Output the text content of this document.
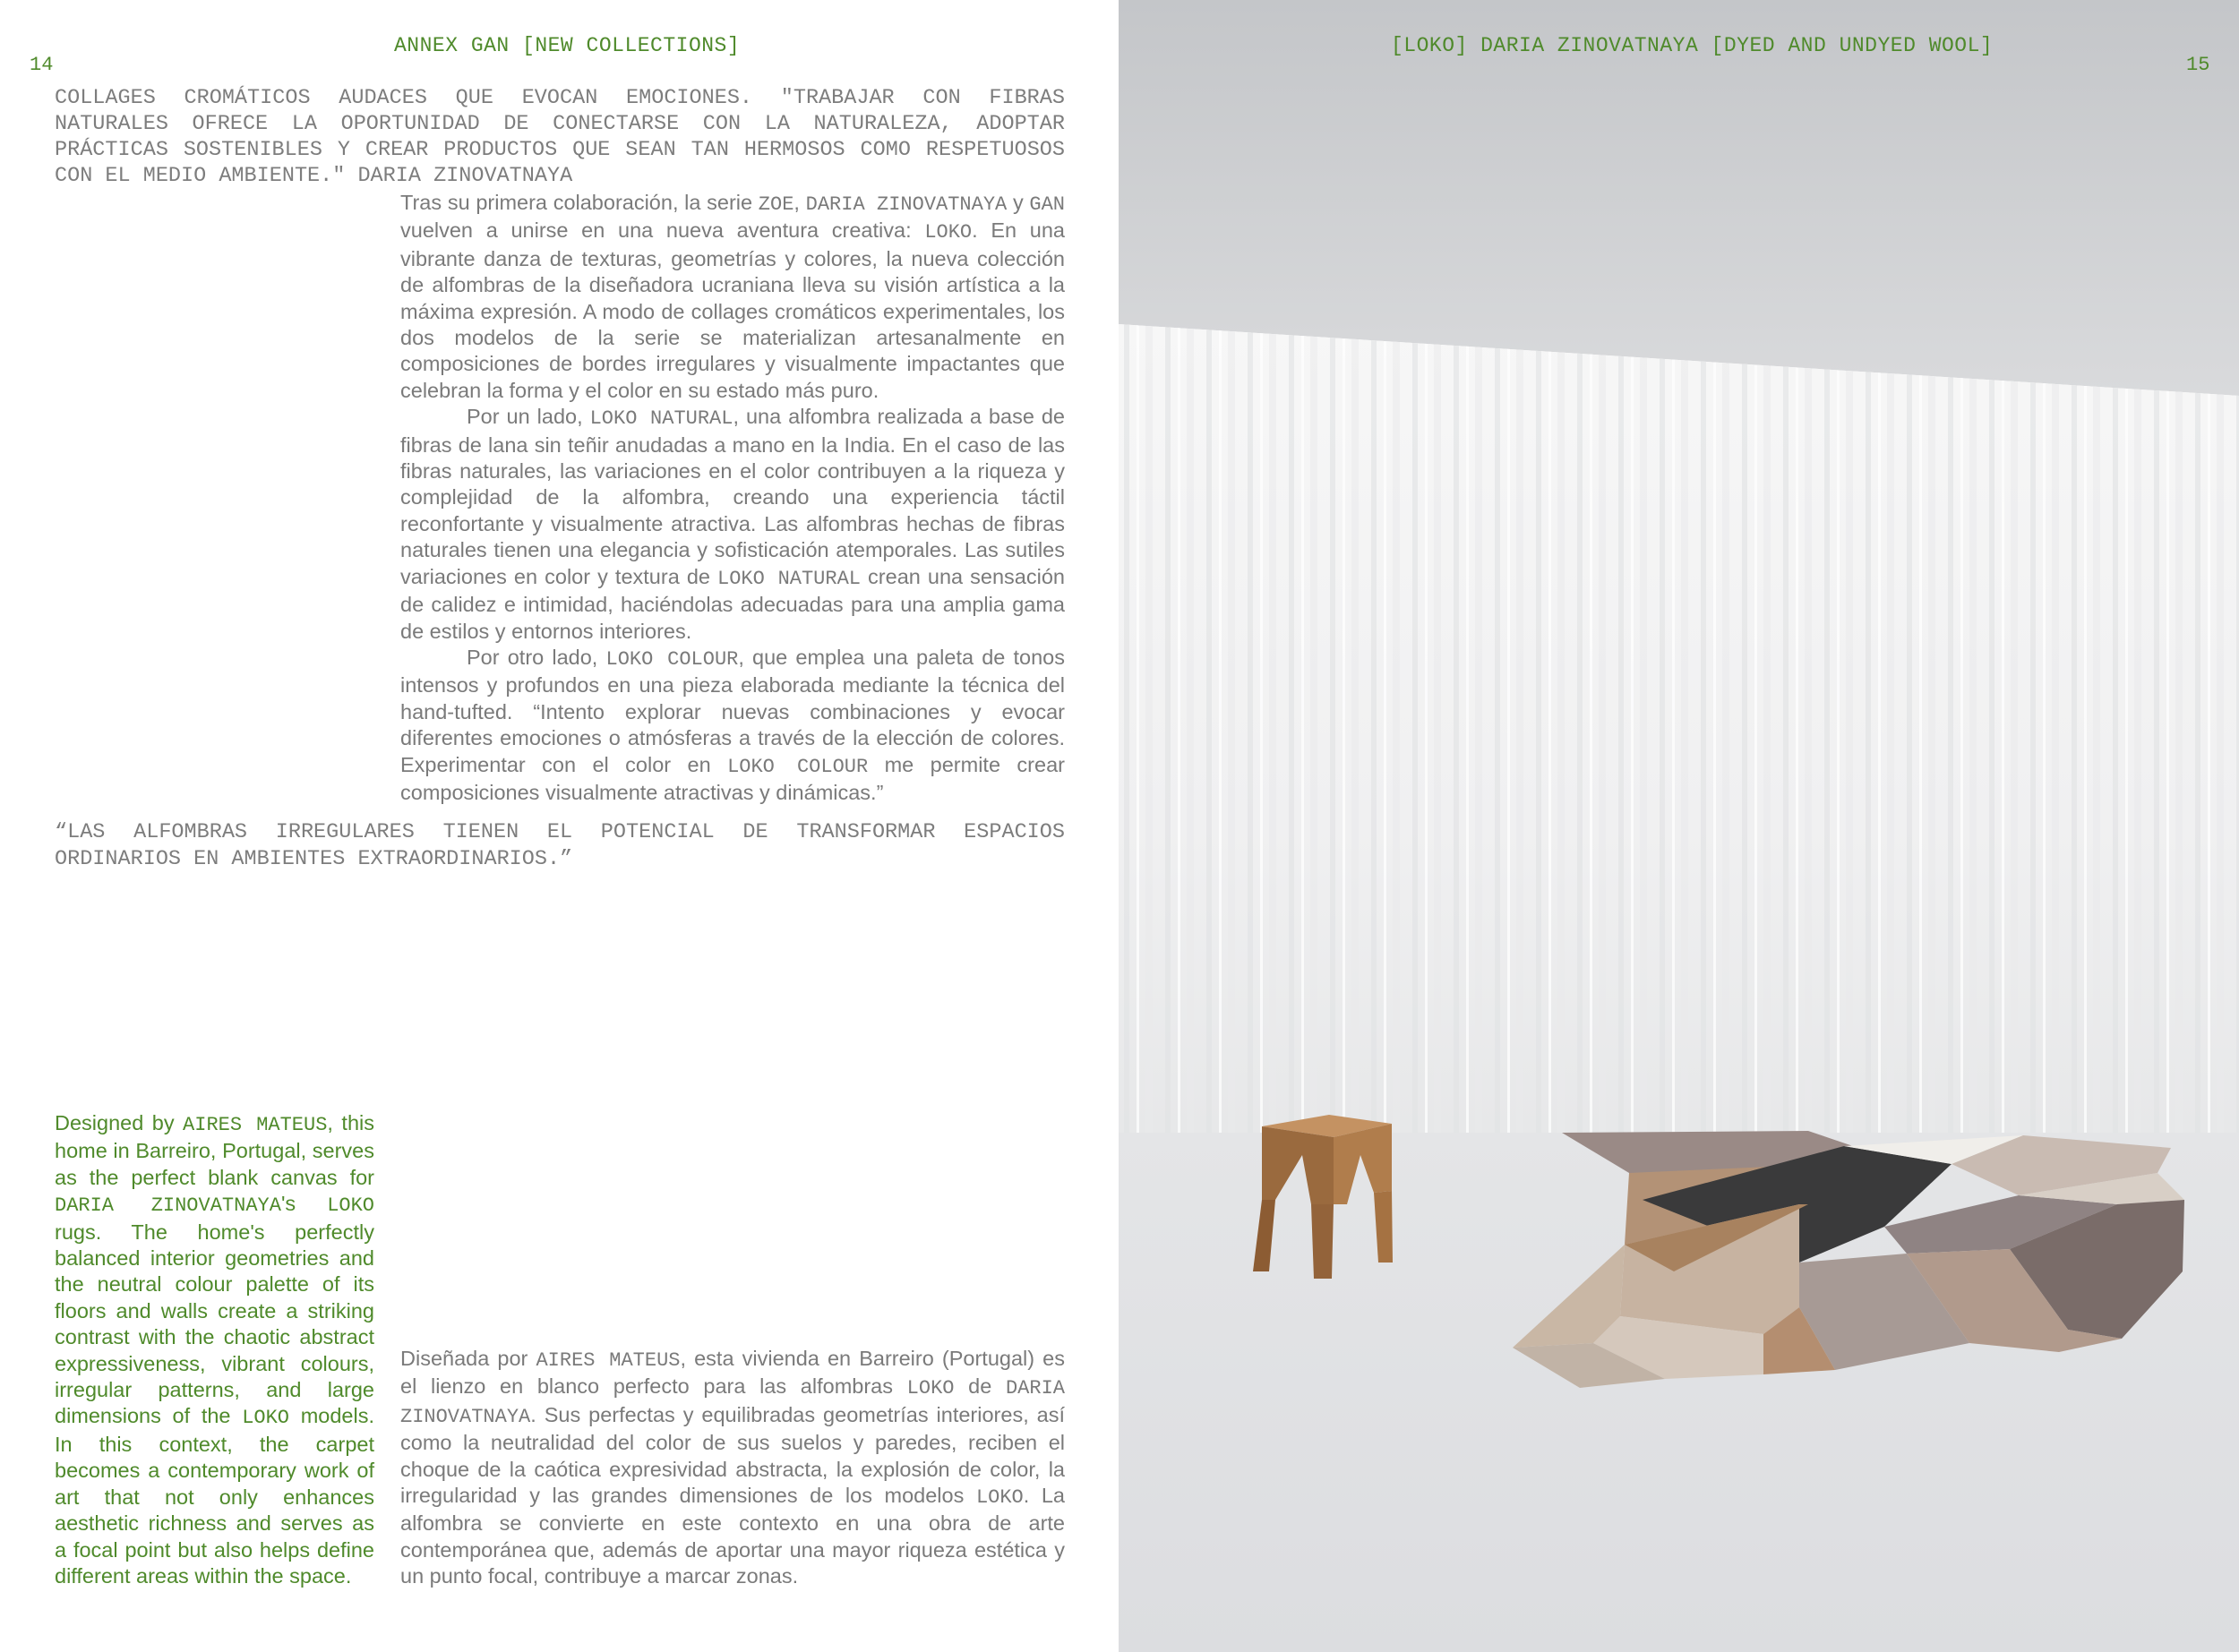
ANNEX GAN [NEW COLLECTIONS]
14
COLLAGES CROMÁTICOS AUDACES QUE EVOCAN EMOCIONES. "TRABAJAR CON FIBRAS NATURALES OFRECE LA OPORTUNIDAD DE CONECTARSE CON LA NATURALEZA, ADOPTAR PRÁCTICAS SOSTENIBLES Y CREAR PRODUCTOS QUE SEAN TAN HERMOSOS COMO RESPETUOSOS CON EL MEDIO AMBIENTE." DARIA ZINOVATNAYA

Tras su primera colaboración, la serie ZOE, DARIA ZINOVATNAYA y GAN vuelven a unirse en una nueva aventura creativa: LOKO. En una vibrante danza de texturas, geometrías y colores, la nueva colección de alfombras de la diseñadora ucraniana lleva su visión artística a la máxima expresión. A modo de collages cromáticos experimentales, los dos modelos de la serie se materializan artesanalmente en composiciones de bordes irregulares y visualmente impactantes que celebran la forma y el color en su estado más puro.

Por un lado, LOKO NATURAL, una alfombra realizada a base de fibras de lana sin teñir anudadas a mano en la India. En el caso de las fibras naturales, las variaciones en el color contribuyen a la riqueza y complejidad de la alfombra, creando una experiencia táctil reconfortante y visualmente atractiva. Las alfombras hechas de fibras naturales tienen una elegancia y sofisticación atemporales. Las sutiles variaciones en color y textura de LOKO NATURAL crean una sensación de calidez e intimidad, haciéndolas adecuadas para una amplia gama de estilos y entornos interiores.

Por otro lado, LOKO COLOUR, que emplea una paleta de tonos intensos y profundos en una pieza elaborada mediante la técnica del hand-tufted. “Intento explorar nuevas combinaciones y evocar diferentes emociones o atmósferas a través de la elección de colores. Experimentar con el color en LOKO COLOUR me permite crear composiciones visualmente atractivas y dinámicas.”

“LAS ALFOMBRAS IRREGULARES TIENEN EL POTENCIAL DE TRANSFORMAR ESPACIOS ORDINARIOS EN AMBIENTES EXTRAORDINARIOS.”
Designed by AIRES MATEUS, this home in Barreiro, Portugal, serves as the perfect blank canvas for DARIA ZINOVATNAYA's LOKO rugs. The home's perfectly balanced interior geometries and the neutral colour palette of its floors and walls create a striking contrast with the chaotic abstract expressiveness, vibrant colours, irregular patterns, and large dimensions of the LOKO models. In this context, the carpet becomes a contemporary work of art that not only enhances aesthetic richness and serves as a focal point but also helps define different areas within the space.
Diseñada por AIRES MATEUS, esta vivienda en Barreiro (Portugal) es el lienzo en blanco perfecto para las alfombras LOKO de DARIA ZINOVATNAYA. Sus perfectas y equilibradas geometrías interiores, así como la neutralidad del color de sus suelos y paredes, reciben el choque de la caótica expresividad abstracta, la explosión de color, la irregularidad y las grandes dimensiones de los modelos LOKO. La alfombra se convierte en este contexto en una obra de arte contemporánea que, además de aportar una mayor riqueza estética y un punto focal, contribuye a marcar zonas.
[LOKO] DARIA ZINOVATNAYA [DYED AND UNDYED WOOL]
15
